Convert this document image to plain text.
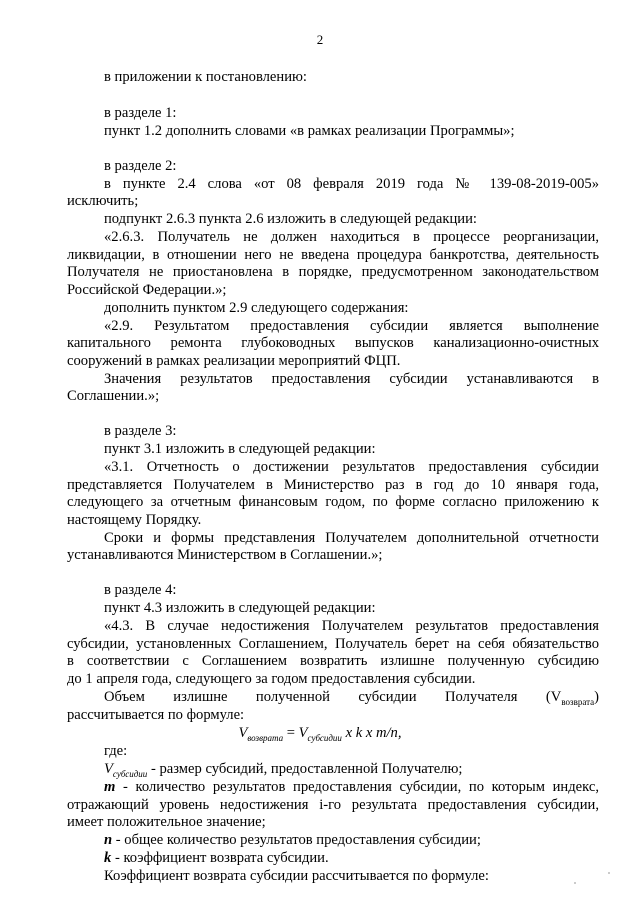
2
в приложении к постановлению:
в разделе 1:
пункт 1.2 дополнить словами «в рамках реализации Программы»;
в разделе 2:
в пункте 2.4 слова «от 08 февраля 2019 года № 139-08-2019-005»
исключить;
подпункт 2.6.3 пункта 2.6 изложить в следующей редакции:
«2.6.3. Получатель не должен находиться в процессе реорганизации,
ликвидации, в отношении него не введена процедура банкротства, деятельность
Получателя не приостановлена в порядке, предусмотренном законодательством
Российской Федерации.»;
дополнить пунктом 2.9 следующего содержания:
«2.9. Результатом предоставления субсидии является выполнение
капитального ремонта глубоководных выпусков канализационно-очистных
сооружений в рамках реализации мероприятий ФЦП.
Значения результатов предоставления субсидии устанавливаются в
Соглашении.»;
в разделе 3:
пункт 3.1 изложить в следующей редакции:
«3.1. Отчетность о достижении результатов предоставления субсидии
представляется Получателем в Министерство раз в год до 10 января года,
следующего за отчетным финансовым годом, по форме согласно приложению к
настоящему Порядку.
Сроки и формы представления Получателем дополнительной отчетности
устанавливаются Министерством в Соглашении.»;
в разделе 4:
пункт 4.3 изложить в следующей редакции:
«4.3. В случае недостижения Получателем результатов предоставления
субсидии, установленных Соглашением, Получатель берет на себя обязательство
в соответствии с Соглашением возвратить излишне полученную субсидию
до 1 апреля года, следующего за годом предоставления субсидии.
Объем излишне полученной субсидии Получателя $(V_{возврата})$
рассчитывается по формуле:
$V_{возврата} = V_{субсидии}$ х k х m/n,
где:
$V_{субсидии}$ - размер субсидий, предоставленной Получателю;
m - количество результатов предоставления субсидии, по которым индекс,
отражающий уровень недостижения i-го результата предоставления субсидии,
имеет положительное значение;
n - общее количество результатов предоставления субсидии;
k - коэффициент возврата субсидии.
Коэффициент возврата субсидии рассчитывается по формуле:
